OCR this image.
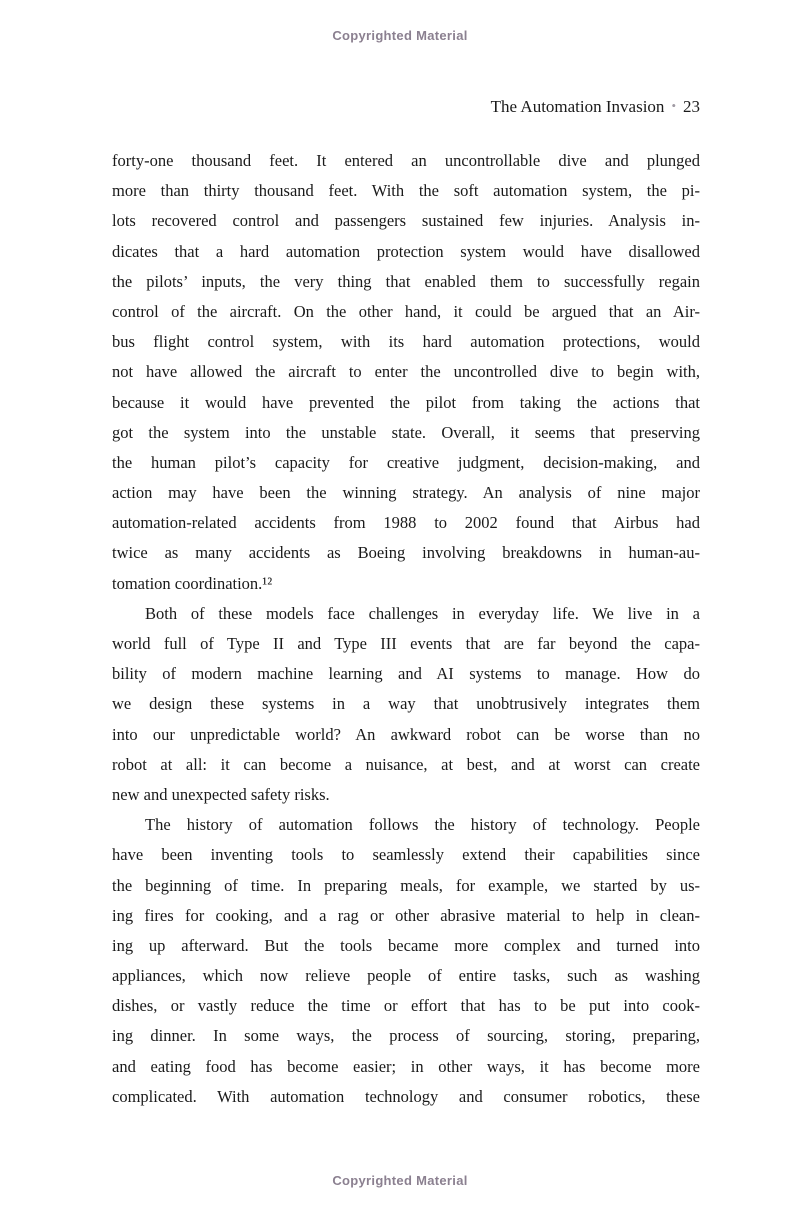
Copyrighted Material
The Automation Invasion • 23
forty-one thousand feet. It entered an uncontrollable dive and plunged
more than thirty thousand feet. With the soft automation system, the pi-
lots recovered control and passengers sustained few injuries. Analysis in-
dicates that a hard automation protection system would have disallowed
the pilots’ inputs, the very thing that enabled them to successfully regain
control of the aircraft. On the other hand, it could be argued that an Air-
bus flight control system, with its hard automation protections, would
not have allowed the aircraft to enter the uncontrolled dive to begin with,
because it would have prevented the pilot from taking the actions that
got the system into the unstable state. Overall, it seems that preserving
the human pilot’s capacity for creative judgment, decision-making, and
action may have been the winning strategy. An analysis of nine major
automation-related accidents from 1988 to 2002 found that Airbus had
twice as many accidents as Boeing involving breakdowns in human-au-
tomation coordination.¹²
Both of these models face challenges in everyday life. We live in a
world full of Type II and Type III events that are far beyond the capa-
bility of modern machine learning and AI systems to manage. How do
we design these systems in a way that unobtrusively integrates them
into our unpredictable world? An awkward robot can be worse than no
robot at all: it can become a nuisance, at best, and at worst can create
new and unexpected safety risks.
The history of automation follows the history of technology. People
have been inventing tools to seamlessly extend their capabilities since
the beginning of time. In preparing meals, for example, we started by us-
ing fires for cooking, and a rag or other abrasive material to help in clean-
ing up afterward. But the tools became more complex and turned into
appliances, which now relieve people of entire tasks, such as washing
dishes, or vastly reduce the time or effort that has to be put into cook-
ing dinner. In some ways, the process of sourcing, storing, preparing,
and eating food has become easier; in other ways, it has become more
complicated. With automation technology and consumer robotics, these
Copyrighted Material
